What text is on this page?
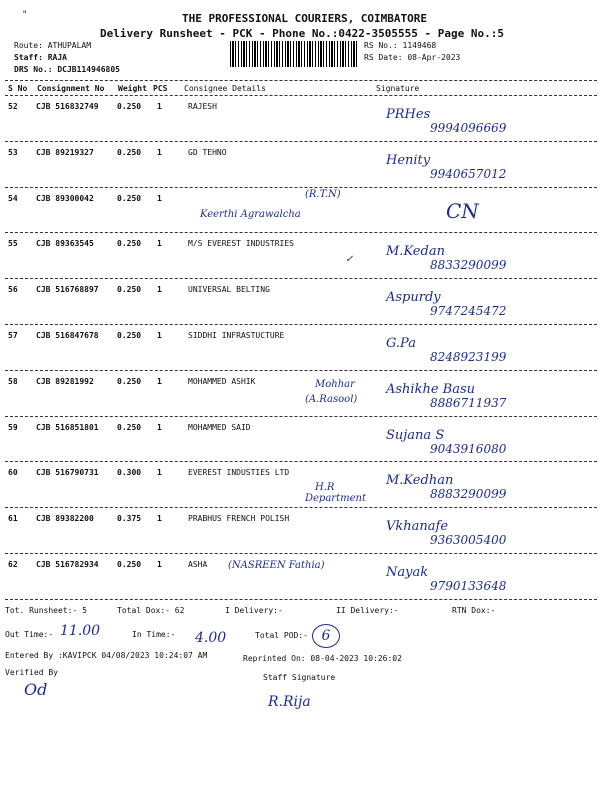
"	THE PROFESSIONAL COURIERS, COIMBATORE
Delivery Runsheet - PCK - Phone No.:0422-3505555 - Page No.:5
Route: ATHUPALAM
Staff: RAJA
DRS No.: DCJB114946805
RS No.: 1149468
RS Date: 08-Apr-2023
S No Consignment No Weight PCS Consignee Details	Signature
52 CJB 516832749 0.250 1	RAJESH
PRHes
9994096669
53 CJB 89219327	0.250 1	GD TEHNO
Henity
9940657012
54 CJB 89300042	0.250 1
CN
(R.T.N)
Keerthi Agrawalcha
55 CJB 89363545	0.250 1	M/S EVEREST INDUSTRIES
M.Kedan
8833290099
✓
56 CJB 516768897 0.250 1	UNIVERSAL BELTING
Aspurdy
9747245472
57 CJB 516847678 0.250 1	SIDDHI INFRASTUCTURE
G.Pa
8248923199
58 CJB 89281992	0.250 1	MOHAMMED ASHIK
Ashikhe Basu
8886711937
Mohhar
(A.Rasool)
59 CJB 516851801 0.250 1	MOHAMMED SAID
Sujana S
9043916080
60 CJB 516790731 0.300 1	EVEREST INDUSTIES LTD
M.Kedhan
8883290099
H.R
Department
61 CJB 89382200	0.375 1	PRABHUS FRENCH POLISH
Vkhanafe
9363005400
62 CJB 516782934 0.250 1	ASHA
Nayak
9790133648
(NASREEN Fathia)
Tot. Runsheet:- 5	Total Dox:- 62	I Delivery:-	II Delivery:-	RTN Dox:-
Out Time:- 11.00	In Time:- 4.00	Total POD:- 6
Entered By :KAVIPCK 04/08/2023 10:24:07 AM	Reprinted On: 08-04-2023 10:26:02
Verified By
Od
Staff Signature
R.Rija
